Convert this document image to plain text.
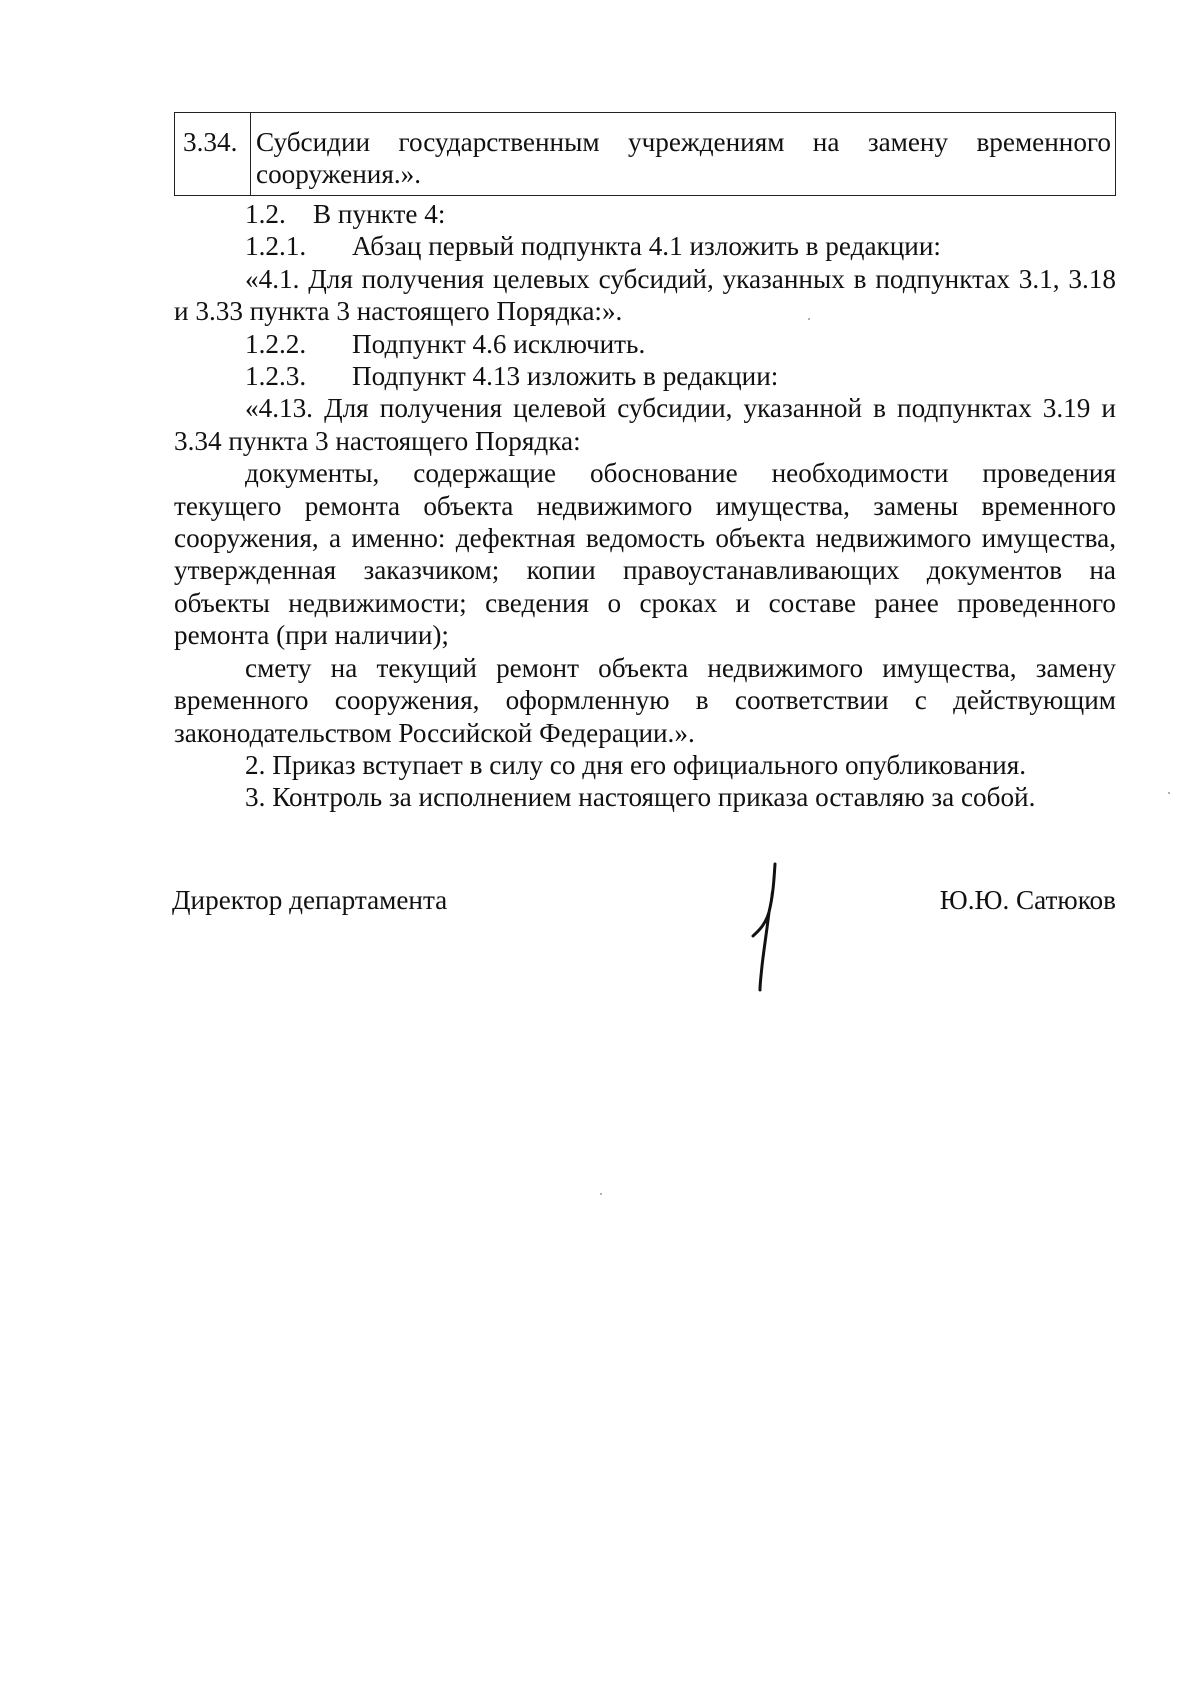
3.34. Субсидии государственным учреждениям на замену временного сооружения.».
1.2.	В пункте 4:
1.2.1.	Абзац первый подпункта 4.1 изложить в редакции:

«4.1. Для получения целевых субсидий, указанных в подпунктах 3.1, 3.18 и 3.33 пункта 3 настоящего Порядка:».

1.2.2.	Подпункт 4.6 исключить.
1.2.3.	Подпункт 4.13 изложить в редакции:

«4.13. Для получения целевой субсидии, указанной в подпунктах 3.19 и 3.34 пункта 3 настоящего Порядка:

документы, содержащие обоснование необходимости проведения текущего ремонта объекта недвижимого имущества, замены временного сооружения, а именно: дефектная ведомость объекта недвижимого имущества, утвержденная заказчиком; копии правоустанавливающих документов на объекты недвижимости; сведения о сроках и составе ранее проведенного ремонта (при наличии);

смету на текущий ремонт объекта недвижимого имущества, замену временного сооружения, оформленную в соответствии с действующим законодательством Российской Федерации.».

2. Приказ вступает в силу со дня его официального опубликования.

3. Контроль за исполнением настоящего приказа оставляю за собой.

Директор департамента	Ю.Ю. Сатюков
